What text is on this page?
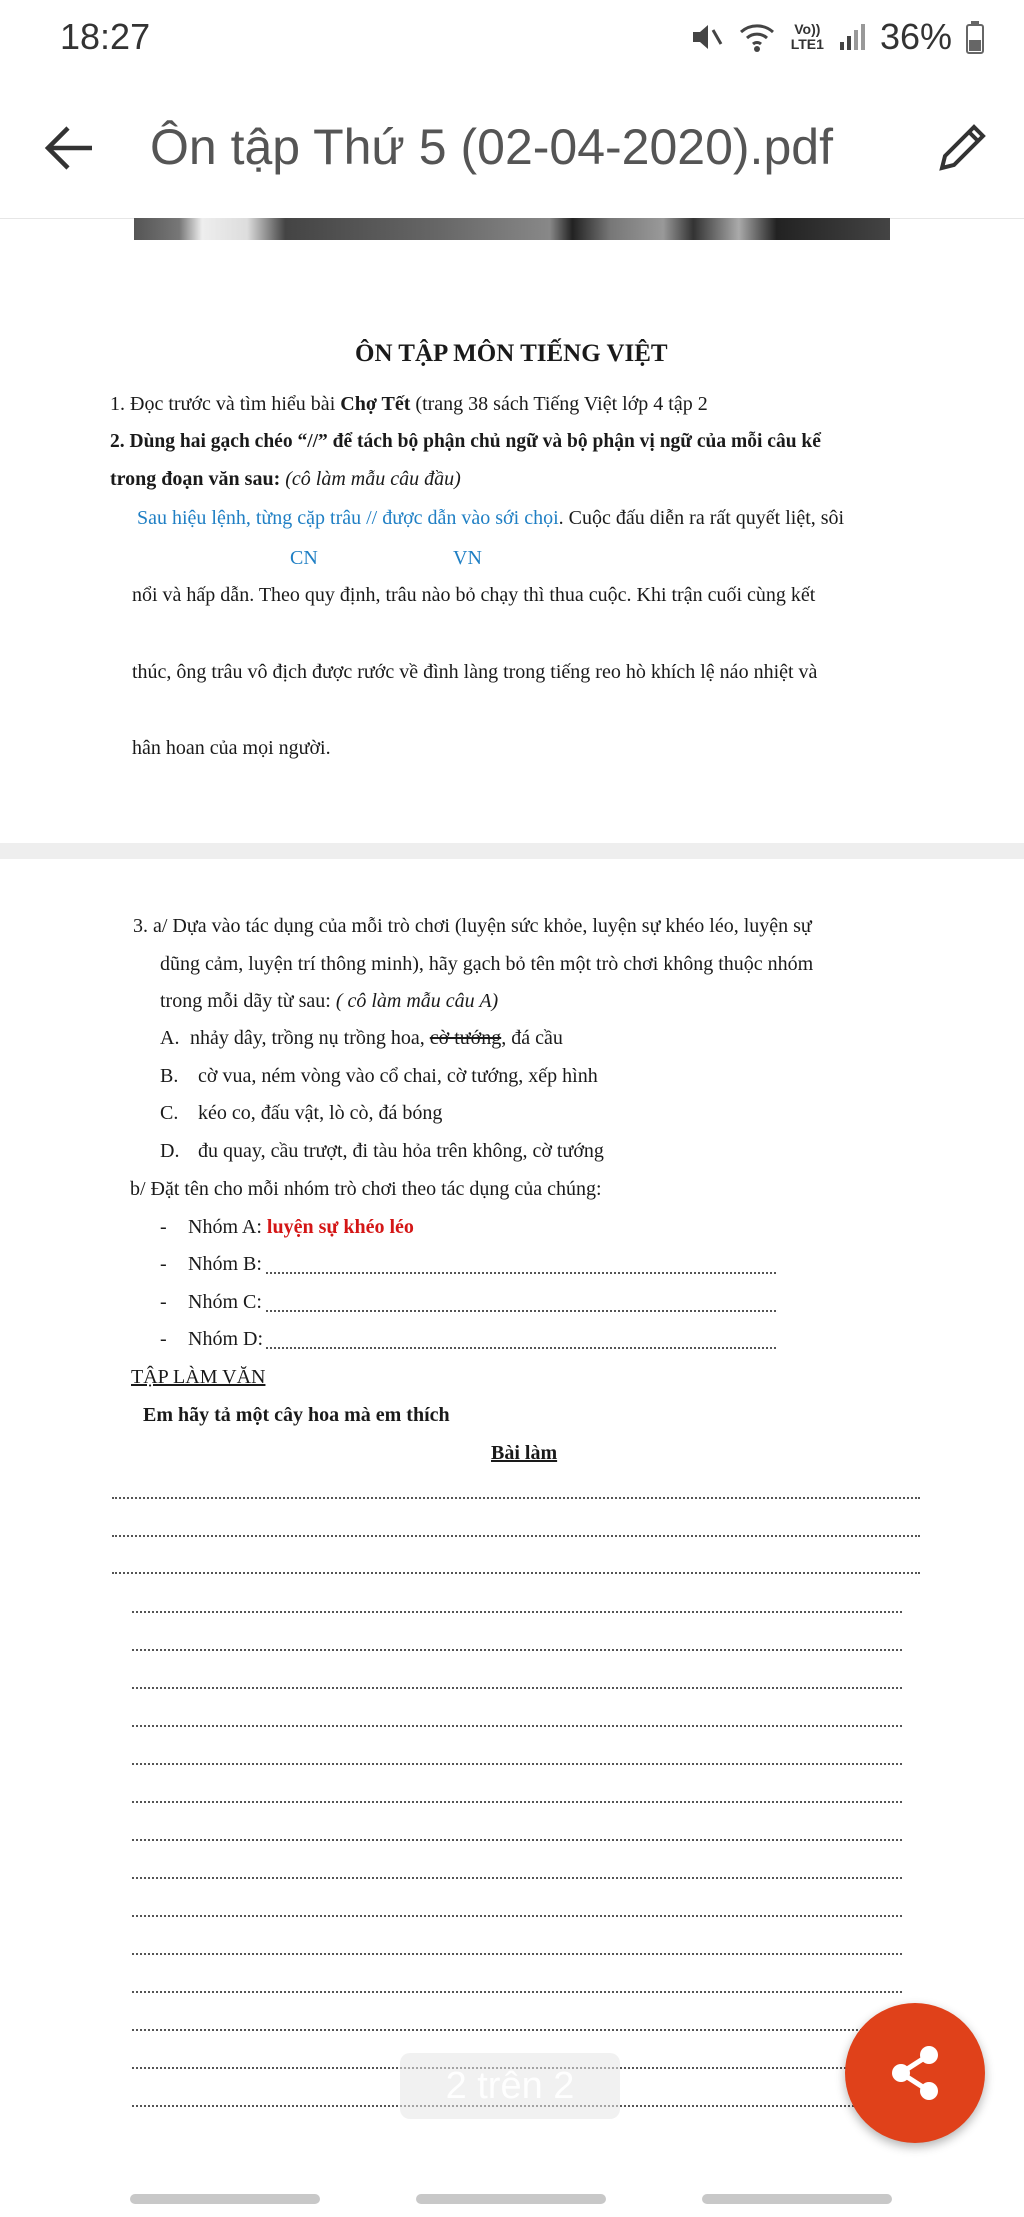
18:27	Vo))
LTE1 36%
Ôn tập Thứ 5 (02-04-2020).pdf
ÔN TẬP MÔN TIẾNG VIỆT
1. Đọc trước và tìm hiểu bài Chợ Tết (trang 38 sách Tiếng Việt lớp 4 tập 2
2. Dùng hai gạch chéo “//” để tách bộ phận chủ ngữ và bộ phận vị ngữ của mỗi câu kể
trong đoạn văn sau: (cô làm mẫu câu đầu)
Sau hiệu lệnh, từng cặp trâu // được dẫn vào sới chọi. Cuộc đấu diễn ra rất quyết liệt, sôi
CN	VN
nổi và hấp dẫn. Theo quy định, trâu nào bỏ chạy thì thua cuộc. Khi trận cuối cùng kết
thúc, ông trâu vô địch được rước về đình làng trong tiếng reo hò khích lệ náo nhiệt và
hân hoan của mọi người.
3. a/ Dựa vào tác dụng của mỗi trò chơi (luyện sức khỏe, luyện sự khéo léo, luyện sự
dũng cảm, luyện trí thông minh), hãy gạch bỏ tên một trò chơi không thuộc nhóm
trong mỗi dãy từ sau: ( cô làm mẫu câu A)
A. nhảy dây, trồng nụ trồng hoa, cờ tướng, đá cầu
B. cờ vua, ném vòng vào cổ chai, cờ tướng, xếp hình
C. kéo co, đấu vật, lò cò, đá bóng
D. đu quay, cầu trượt, đi tàu hỏa trên không, cờ tướng
b/ Đặt tên cho mỗi nhóm trò chơi theo tác dụng của chúng:
- Nhóm A: luyện sự khéo léo
- Nhóm B:
- Nhóm C:
- Nhóm D:
TẬP LÀM VĂN
Em hãy tả một cây hoa mà em thích
Bài làm
2 trên 2
